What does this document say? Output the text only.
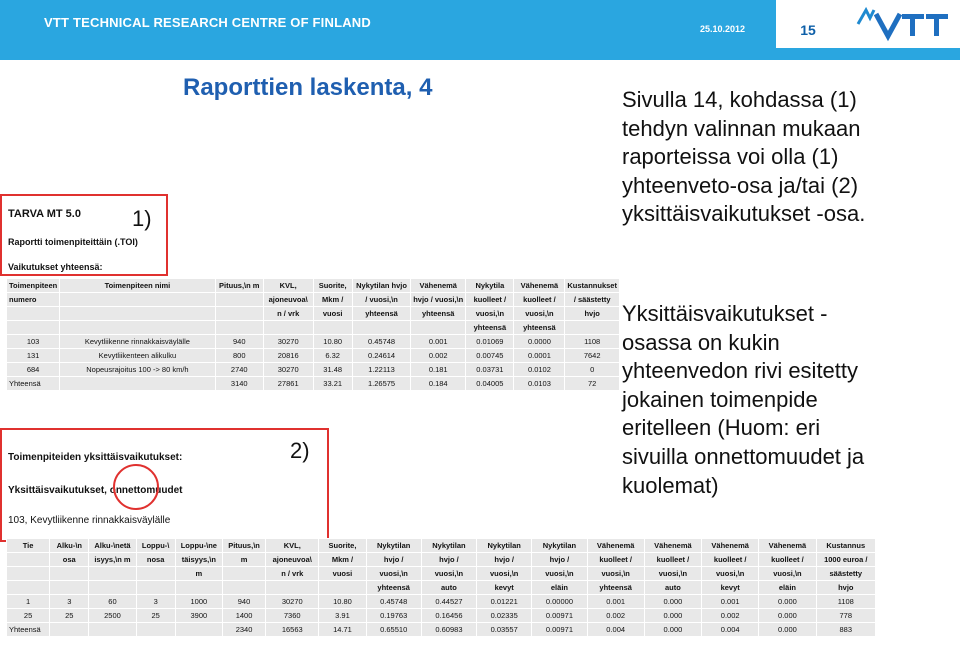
VTT TECHNICAL RESEARCH CENTRE OF FINLAND	25.10.2012	15
Raporttien laskenta, 4	Sivulla 14, kohdassa (1)
tehdyn valinnan mukaan
raporteissa voi olla (1)
yhteenveto-osa ja/tai (2)
yksittäisvaikutukset -osa.
Yksittäisvaikutukset -
osassa on kukin
yhteenvedon rivi esitetty
jokainen toimenpide
eritelleen (Huom: eri
sivuilla onnettomuudet ja
kuolemat)
TARVA MT 5.0
Raportti toimenpiteittäin (.TOI)
Vaikutukset yhteensä:
1)
Toimenpiteen	Toimenpiteen nimi	Pituus,\n m	KVL,	Suorite,	Nykytilan hvjo	Vähenemä	Nykytila	Vähenemä	Kustannukset
numero			ajoneuvoa\	Mkm /	/ vuosi,\n	hvjo / vuosi,\n	kuolleet /	kuolleet /	/ säästetty
			n / vrk	vuosi	yhteensä	yhteensä	vuosi,\n	vuosi,\n	hvjo
							yhteensä	yhteensä	
103	Kevytliikenne rinnakkaisväylälle	940	30270	10.80	0.45748	0.001	0.01069	0.0000	1108
131	Kevytliikenteen alikulku	800	20816	6.32	0.24614	0.002	0.00745	0.0001	7642
684	Nopeusrajoitus 100 -> 80 km/h	2740	30270	31.48	1.22113	0.181	0.03731	0.0102	0
Yhteensä		3140	27861	33.21	1.26575	0.184	0.04005	0.0103	72
Toimenpiteiden yksittäisvaikutukset:
Yksittäisvaikutukset, onnettomuudet
103, Kevytliikenne rinnakkaisväylälle
2)
Tie	Alku-\n	Alku-\netä	Loppu-\	Loppu-\ne	Pituus,\n	KVL,	Suorite,	Nykytilan	Nykytilan	Nykytilan	Nykytilan	Vähenemä	Vähenemä	Vähenemä	Vähenemä	Kustannus
	osa	isyys,\n m	nosa	täisyys,\n	m	ajoneuvoa\	Mkm /	hvjo /	hvjo /	hvjo /	hvjo /	kuolleet /	kuolleet /	kuolleet /	kuolleet /	1000 euroa /
				m		n / vrk	vuosi	vuosi,\n	vuosi,\n	vuosi,\n	vuosi,\n	vuosi,\n	vuosi,\n	vuosi,\n	vuosi,\n	säästetty
								yhteensä	auto	kevyt	eläin	yhteensä	auto	kevyt	eläin	hvjo
1	3	60	3	1000	940	30270	10.80	0.45748	0.44527	0.01221	0.00000	0.001	0.000	0.001	0.000	1108
25	25	2500	25	3900	1400	7360	3.91	0.19763	0.16456	0.02335	0.00971	0.002	0.000	0.002	0.000	778
Yhteensä					2340	16563	14.71	0.65510	0.60983	0.03557	0.00971	0.004	0.000	0.004	0.000	883
